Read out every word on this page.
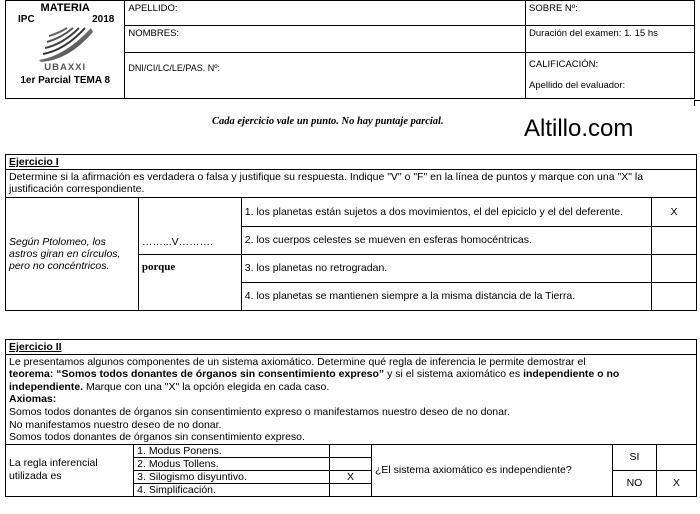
MATERIA
IPC 2018
UBAXXI
1er Parcial TEMA 8	APELLIDO:	SOBRE Nº:
	NOMBRES:	Duración del examen: 1. 15 hs
	DNI/CI/LC/LE/PAS. Nº:	CALIFICACIÓN:
Apellido del evaluador:
Cada ejercicio vale un punto. No hay puntaje parcial.	Altillo.com
Ejercicio I			

Determine si la afirmación es verdadera o falsa y justifique su respuesta. Indique "V" o "F" en la línea de puntos y marque con una "X" la justificación correspondiente.			
Según Ptolomeo, los astros giran en círculos, pero no concéntricos.	……...V……….	1. los planetas están sujetos a dos movimientos, el del epiciclo y el del deferente.	X
		2. los cuerpos celestes se mueven en esferas homocéntricas.	
	porque	3. los planetas no retrogradan.	
		4. los planetas se mantienen siempre a la misma distancia de la Tierra.	
Ejercicio II
Le presentamos algunos componentes de un sistema axiomático. Determine qué regla de inferencia le permite demostrar el
teorema: “Somos todos donantes de órganos sin consentimiento expreso” y si el sistema axiomático es independiente o no independiente. Marque con una "X" la opción elegida en cada caso.
Axiomas:
Somos todos donantes de órganos sin consentimiento expreso o manifestamos nuestro deseo de no donar.
No manifestamos nuestro deseo de no donar.
Somos todos donantes de órganos sin consentimiento expreso.
La regla inferencial utilizada es	1. Modus Ponens.		¿El sistema axiomático es independiente?	SI	
	2. Modus Tollens.				
	3. Silogismo disyuntivo.	X		NO	X
	4. Simplificación.				
